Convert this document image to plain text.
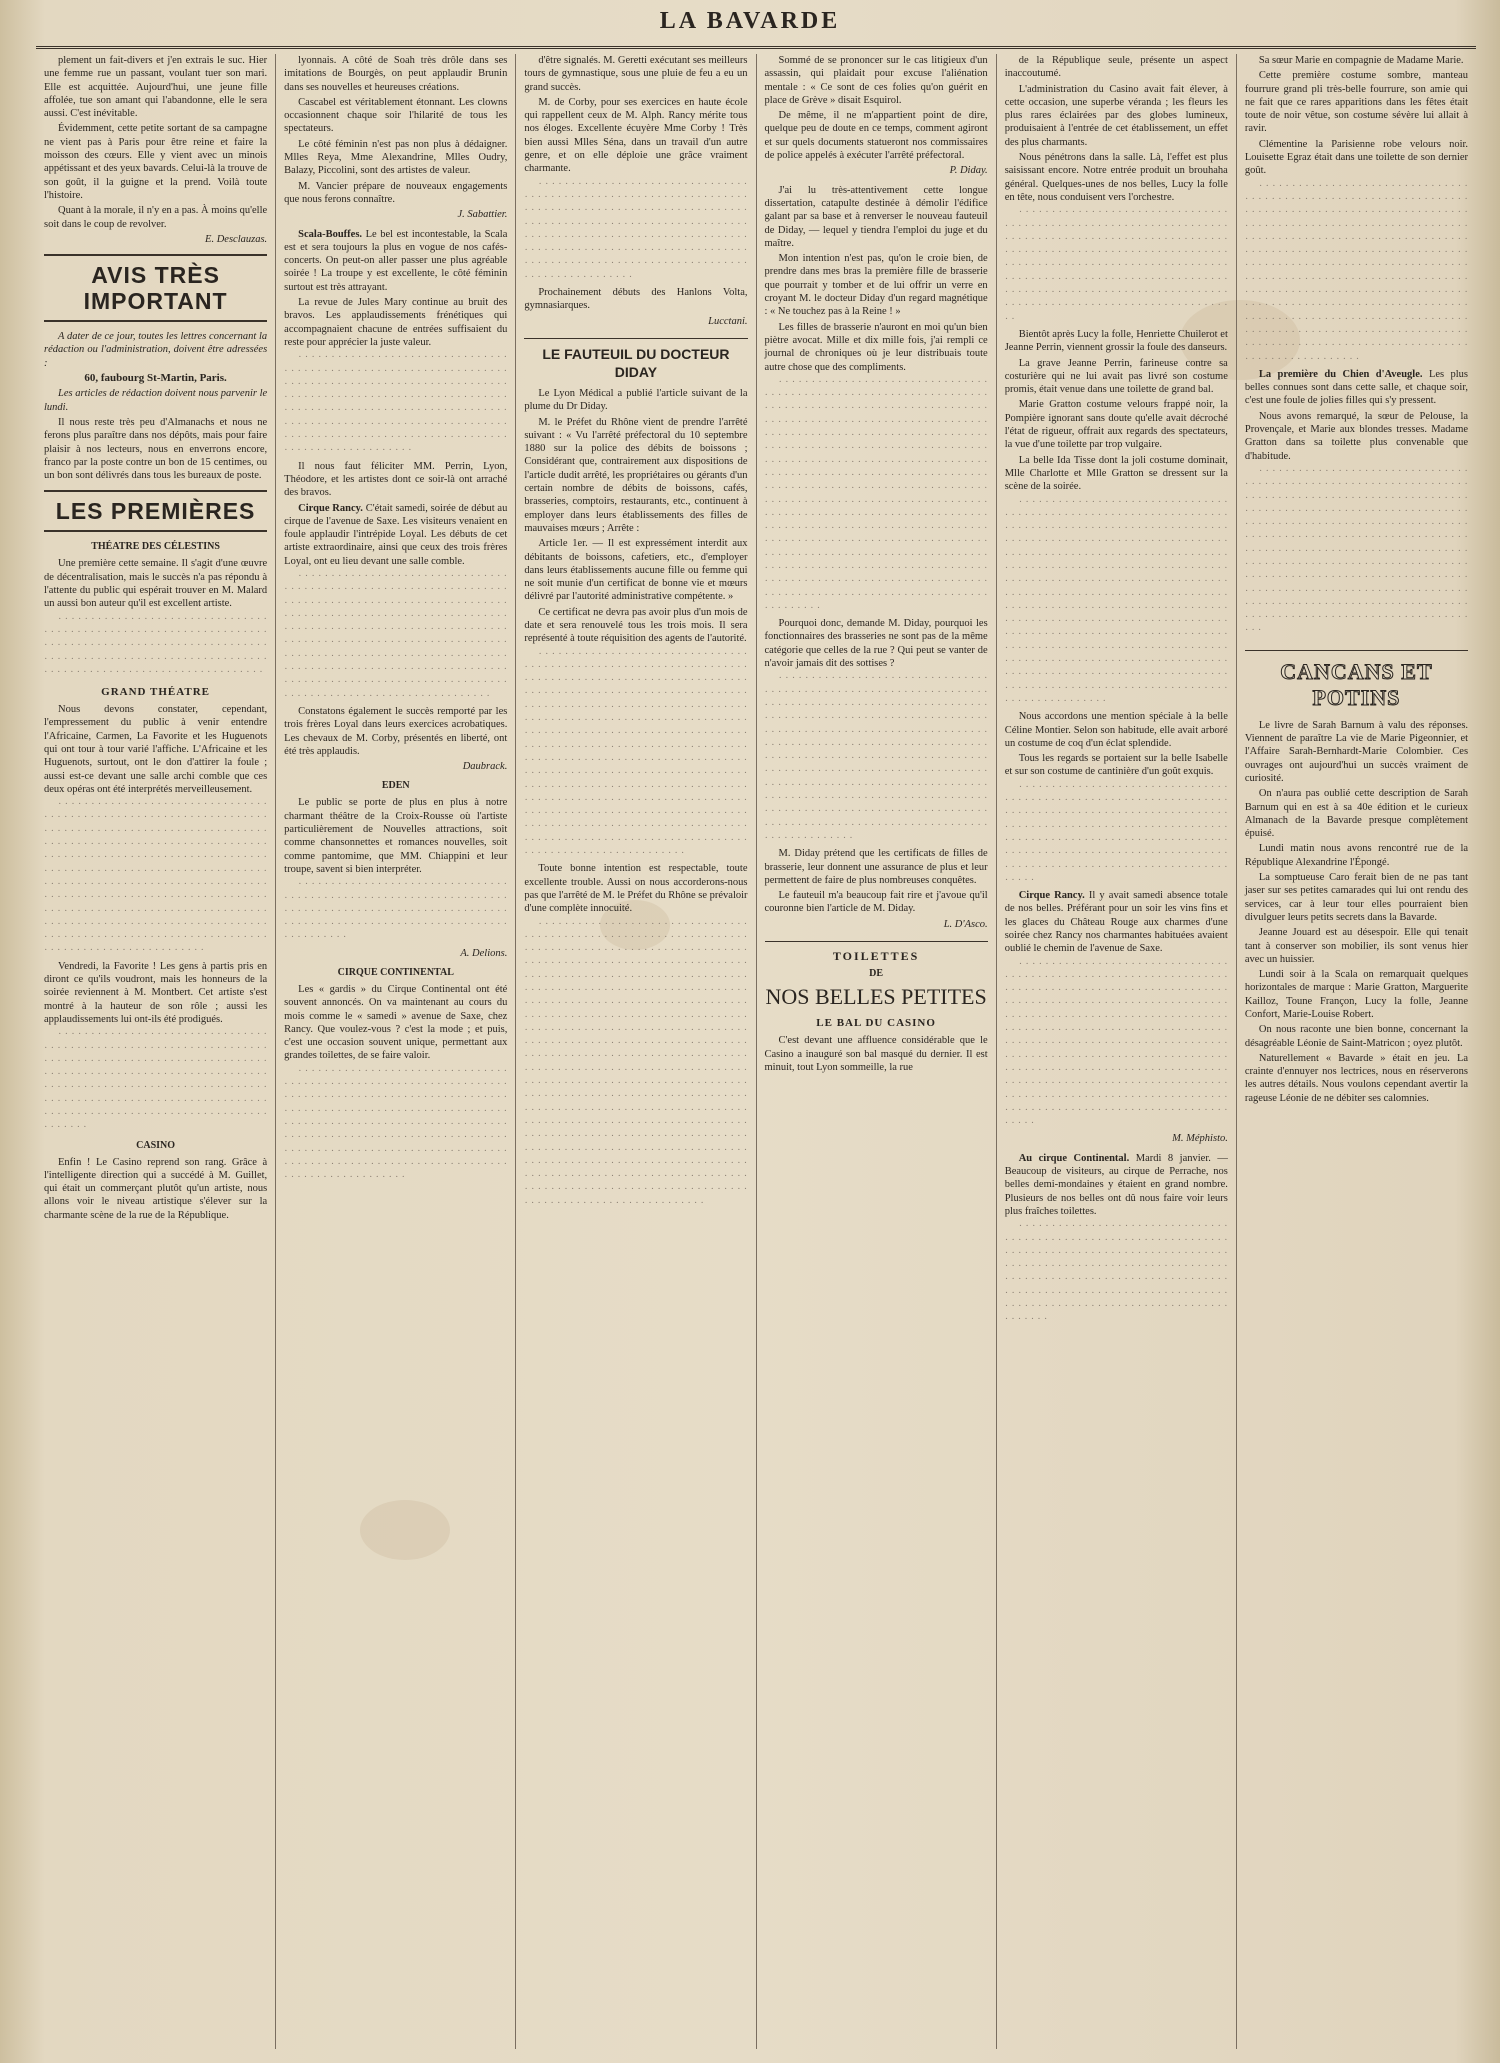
LA BAVARDE

plement un fait-divers et j'en extrais le suc. Hier une femme rue un passant, voulant tuer son mari. Elle est acquittée. Aujourd'hui, une jeune fille affolée, tue son amant qui l'abandonne, elle le sera aussi. C'est inévitable.

Évidemment, cette petite sortant de sa campagne ne vient pas à Paris pour être reine et faire la moisson des cœurs. Elle y vient avec un minois appétissant et des yeux bavards. Celui-là la trouve de son goût, il la guigne et la prend. Voilà toute l'histoire.

Quant à la morale, il n'y en a pas. À moins qu'elle soit dans le coup de revolver.

E. Desclauzas.

AVIS TRÈS IMPORTANT

A dater de ce jour, toutes les lettres concernant la rédaction ou l'administration, doivent être adressées :

60, faubourg St-Martin, Paris.

Les articles de rédaction doivent nous parvenir le lundi.

Il nous reste très peu d'Almanachs et nous ne ferons plus paraître dans nos dépôts, mais pour faire plaisir à nos lecteurs, nous en enverrons encore, franco par la poste contre un bon de 15 centimes, ou un bon sont délivrés dans tous les bureaux de poste.

LES PREMIÈRES
THÉATRE DES CÉLESTINS

Une première cette semaine. Il s'agit d'une œuvre de décentralisation, mais le succès n'a pas répondu à l'attente du public qui espérait trouver en M. Malard un aussi bon auteur qu'il est excellent artiste.

· · · · · · · · · · · · · · · · · · · · · · · · · · · · · · · · · · · · · · · · · · · · · · · · · · · · · · · · · · · · · · · · · · · · · · · · · · · · · · · · · · · · · · · · · · · · · · · · · · · · · · · · · · · · · · · · · · · · · · · · · · · · · · · · · · · · · · · · · · · · · · · · · · · · · · · · · · · · · · · · · · · · · · · ·

GRAND THÉATRE

Nous devons constater, cependant, l'empressement du public à venir entendre l'Africaine, Carmen, La Favorite et les Huguenots qui ont tour à tour varié l'affiche. L'Africaine et les Huguenots, surtout, ont le don d'attirer la foule ; aussi est-ce devant une salle archi comble que ces deux opéras ont été interprétés merveilleusement.

· · · · · · · · · · · · · · · · · · · · · · · · · · · · · · · · · · · · · · · · · · · · · · · · · · · · · · · · · · · · · · · · · · · · · · · · · · · · · · · · · · · · · · · · · · · · · · · · · · · · · · · · · · · · · · · · · · · · · · · · · · · · · · · · · · · · · · · · · · · · · · · · · · · · · · · · · · · · · · · · · · · · · · · · · · · · · · · · · · · · · · · · · · · · · · · · · · · · · · · · · · · · · · · · · · · · · · · · · · · · · · · · · · · · · · · · · · · · · · · · · · · · · · · · · · · · · · · · · · · · · · · · · · · · · · · · · · · · · · · · · · · · · · · · · · · · · · · · · · · · · · · · · · · · · · · · · · · · · · · · · · · · · · · · · · · · · · · · · · · · · · · · · · · · · · · · · · · · · · · · · · · · · · · · · · · · · · · · · · · · · · · · · · · · · · · · · · · · ·

Vendredi, la Favorite ! Les gens à partis pris en diront ce qu'ils voudront, mais les honneurs de la soirée reviennent à M. Montbert. Cet artiste s'est montré à la hauteur de son rôle ; aussi les applaudissements lui ont-ils été prodigués.

· · · · · · · · · · · · · · · · · · · · · · · · · · · · · · · · · · · · · · · · · · · · · · · · · · · · · · · · · · · · · · · · · · · · · · · · · · · · · · · · · · · · · · · · · · · · · · · · · · · · · · · · · · · · · · · · · · · · · · · · · · · · · · · · · · · · · · · · · · · · · · · · · · · · · · · · · · · · · · · · · · · · · · · · · · · · · · · · · · · · · · · · · · · · · · · · · · · · · · · · · · · · · · · · · · · · · · · · · · · · · · · · · · · · · · · · · · · · · · · · · · ·

CASINO

Enfin ! Le Casino reprend son rang. Grâce à l'intelligente direction qui a succédé à M. Guillet, qui était un commerçant plutôt qu'un artiste, nous allons voir le niveau artistique s'élever sur la charmante scène de la rue de la République.

lyonnais. A côté de Soah très drôle dans ses imitations de Bourgès, on peut applaudir Brunin dans ses nouvelles et heureuses créations.

Cascabel est véritablement étonnant. Les clowns occasionnent chaque soir l'hilarité de tous les spectateurs.

Le côté féminin n'est pas non plus à dédaigner. Mlles Reya, Mme Alexandrine, Mlles Oudry, Balazy, Piccolini, sont des artistes de valeur.

M. Vancier prépare de nouveaux engagements que nous ferons connaître.

J. Sabattier.

Scala-Bouffes. Le bel est incontestable, la Scala est et sera toujours la plus en vogue de nos cafés-concerts. On peut-on aller passer une plus agréable soirée ! La troupe y est excellente, le côté féminin surtout est très attrayant.

La revue de Jules Mary continue au bruit des bravos. Les applaudissements frénétiques qui accompagnaient chacune de entrées suffisaient du reste pour apprécier la juste valeur.

· · · · · · · · · · · · · · · · · · · · · · · · · · · · · · · · · · · · · · · · · · · · · · · · · · · · · · · · · · · · · · · · · · · · · · · · · · · · · · · · · · · · · · · · · · · · · · · · · · · · · · · · · · · · · · · · · · · · · · · · · · · · · · · · · · · · · · · · · · · · · · · · · · · · · · · · · · · · · · · · · · · · · · · · · · · · · · · · · · · · · · · · · · · · · · · · · · · · · · · · · · · · · · · · · · · · · · · · · · · · · · · · · · · · · · · · · · · · · · · · · · · · · · · · · · · · · · · ·

Il nous faut féliciter MM. Perrin, Lyon, Théodore, et les artistes dont ce soir-là ont arraché des bravos.

Cirque Rancy. C'était samedi, soirée de début au cirque de l'avenue de Saxe. Les visiteurs venaient en foule applaudir l'intrépide Loyal. Les débuts de cet artiste extraordinaire, ainsi que ceux des trois frères Loyal, ont eu lieu devant une salle comble.

· · · · · · · · · · · · · · · · · · · · · · · · · · · · · · · · · · · · · · · · · · · · · · · · · · · · · · · · · · · · · · · · · · · · · · · · · · · · · · · · · · · · · · · · · · · · · · · · · · · · · · · · · · · · · · · · · · · · · · · · · · · · · · · · · · · · · · · · · · · · · · · · · · · · · · · · · · · · · · · · · · · · · · · · · · · · · · · · · · · · · · · · · · · · · · · · · · · · · · · · · · · · · · · · · · · · · · · · · · · · · · · · · · · · · · · · · · · · · · · · · · · · · · · · · · · · · · · · · · · · · · · · · · · · · · · · · · · · · · · · · · · · · · · · · · · · · · · · · · · · · · · · · · · · · · · · · · · · · · · · · · · · · · · · · · · · · · · ·

Constatons également le succès remporté par les trois frères Loyal dans leurs exercices acrobatiques. Les chevaux de M. Corby, présentés en liberté, ont été très applaudis.

Daubrack.

EDEN

Le public se porte de plus en plus à notre charmant théâtre de la Croix-Rousse où l'artiste particulièrement de Nouvelles attractions, soit comme chansonnettes et romances nouvelles, soit comme pantomime, que MM. Chiappini et leur troupe, savent si bien interpréter.

· · · · · · · · · · · · · · · · · · · · · · · · · · · · · · · · · · · · · · · · · · · · · · · · · · · · · · · · · · · · · · · · · · · · · · · · · · · · · · · · · · · · · · · · · · · · · · · · · · · · · · · · · · · · · · · · · · · · · · · · · · · · · · · · · · · · · · · · · · · · · · · ·

A. Delions.

CIRQUE CONTINENTAL

Les « gardis » du Cirque Continental ont été souvent annoncés. On va maintenant au cours du mois comme le « samedi » avenue de Saxe, chez Rancy. Que voulez-vous ? c'est la mode ; et puis, c'est une occasion souvent unique, permettant aux grandes toilettes, de se faire valoir.

· · · · · · · · · · · · · · · · · · · · · · · · · · · · · · · · · · · · · · · · · · · · · · · · · · · · · · · · · · · · · · · · · · · · · · · · · · · · · · · · · · · · · · · · · · · · · · · · · · · · · · · · · · · · · · · · · · · · · · · · · · · · · · · · · · · · · · · · · · · · · · · · · · · · · · · · · · · · · · · · · · · · · · · · · · · · · · · · · · · · · · · · · · · · · · · · · · · · · · · · · · · · · · · · · · · · · · · · · · · · · · · · · · · · · · · · · · · · · · · · · · · · · · · · · · · · · · · · · · · · · · · · · · · · · · · · · · · · · · · · · · · · · · · · ·

d'être signalés. M. Geretti exécutant ses meilleurs tours de gymnastique, sous une pluie de feu a eu un grand succès.

M. de Corby, pour ses exercices en haute école qui rappellent ceux de M. Alph. Rancy mérite tous nos éloges. Excellente écuyère Mme Corby ! Très bien aussi Mlles Séna, dans un travail d'un autre genre, et on elle déploie une grâce vraiment charmante.

· · · · · · · · · · · · · · · · · · · · · · · · · · · · · · · · · · · · · · · · · · · · · · · · · · · · · · · · · · · · · · · · · · · · · · · · · · · · · · · · · · · · · · · · · · · · · · · · · · · · · · · · · · · · · · · · · · · · · · · · · · · · · · · · · · · · · · · · · · · · · · · · · · · · · · · · · · · · · · · · · · · · · · · · · · · · · · · · · · · · · · · · · · · · · · · · · · · · · · · · · · · · · · · · · · · · · · · · · · · · · · · · · · · · · · · · · · · · · · · · · · · · · · · · · · · · ·

Prochainement débuts des Hanlons Volta, gymnasiarques.

Lucctani.

LE FAUTEUIL DU DOCTEUR DIDAY

Le Lyon Médical a publié l'article suivant de la plume du Dr Diday.

M. le Préfet du Rhône vient de prendre l'arrêté suivant : « Vu l'arrêté préfectoral du 10 septembre 1880 sur la police des débits de boissons ; Considérant que, contrairement aux dispositions de l'article dudit arrêté, les propriétaires ou gérants d'un certain nombre de débits de boissons, cafés, brasseries, comptoirs, restaurants, etc., continuent à employer dans leurs établissements des filles de mauvaises mœurs ; Arrête :

Article 1er. — Il est expressément interdit aux débitants de boissons, cafetiers, etc., d'employer dans leurs établissements aucune fille ou femme qui ne soit munie d'un certificat de bonne vie et mœurs délivré par l'autorité administrative compétente. »

Ce certificat ne devra pas avoir plus d'un mois de date et sera renouvelé tous les trois mois. Il sera représenté à toute réquisition des agents de l'autorité.

· · · · · · · · · · · · · · · · · · · · · · · · · · · · · · · · · · · · · · · · · · · · · · · · · · · · · · · · · · · · · · · · · · · · · · · · · · · · · · · · · · · · · · · · · · · · · · · · · · · · · · · · · · · · · · · · · · · · · · · · · · · · · · · · · · · · · · · · · · · · · · · · · · · · · · · · · · · · · · · · · · · · · · · · · · · · · · · · · · · · · · · · · · · · · · · · · · · · · · · · · · · · · · · · · · · · · · · · · · · · · · · · · · · · · · · · · · · · · · · · · · · · · · · · · · · · · · · · · · · · · · · · · · · · · · · · · · · · · · · · · · · · · · · · · · · · · · · · · · · · · · · · · · · · · · · · · · · · · · · · · · · · · · · · · · · · · · · · · · · · · · · · · · · · · · · · · · · · · · · · · · · · · · · · · · · · · · · · · · · · · · · · · · · · · · · · · · · · · · · · · · · · · · · · · · · · · · · · · · · · · · · · · · · · · · · · · · · · · · · · · · · · · · · · · · · · · · · · · · · · · · · · · · · · · · · · · · · · · · · · · · · · · · · · · · · · · · · · · · · · · · · · · · · · · · · · · · · · · · · · · · · · · · · · · · · · ·

Toute bonne intention est respectable, toute excellente trouble. Aussi on nous accorderons-nous pas que l'arrêté de M. le Préfet du Rhône se prévaloir d'une complète innocuité.

· · · · · · · · · · · · · · · · · · · · · · · · · · · · · · · · · · · · · · · · · · · · · · · · · · · · · · · · · · · · · · · · · · · · · · · · · · · · · · · · · · · · · · · · · · · · · · · · · · · · · · · · · · · · · · · · · · · · · · · · · · · · · · · · · · · · · · · · · · · · · · · · · · · · · · · · · · · · · · · · · · · · · · · · · · · · · · · · · · · · · · · · · · · · · · · · · · · · · · · · · · · · · · · · · · · · · · · · · · · · · · · · · · · · · · · · · · · · · · · · · · · · · · · · · · · · · · · · · · · · · · · · · · · · · · · · · · · · · · · · · · · · · · · · · · · · · · · · · · · · · · · · · · · · · · · · · · · · · · · · · · · · · · · · · · · · · · · · · · · · · · · · · · · · · · · · · · · · · · · · · · · · · · · · · · · · · · · · · · · · · · · · · · · · · · · · · · · · · · · · · · · · · · · · · · · · · · · · · · · · · · · · · · · · · · · · · · · · · · · · · · · · · · · · · · · · · · · · · · · · · · · · · · · · · · · · · · · · · · · · · · · · · · · · · · · · · · · · · · · · · · · · · · · · · · · · · · · · · · · · · · · · · · · · · · · · · · · · · · · · · · · · · · · · · · · · · · · · · · · · · · · · · · · · · · · · · · · · · · · · · · · · · · · · · · · · · · · · · · · · · · · · · · · · · · · · · · · · · · · · · · · · · · · · · · · · · · · · · · · · · · · · · · · · · · · · · · · · · · · · · · · · · · · · · · · · · · · · · · · · · · · · · · · · · · · · · · · · · · · · · · · · · · · · · · · · · · · · · · · · · · · · · · · · · · · · · · · · · · · ·

Sommé de se prononcer sur le cas litigieux d'un assassin, qui plaidait pour excuse l'aliénation mentale : « Ce sont de ces folies qu'on guérit en place de Grève » disait Esquirol.

De même, il ne m'appartient point de dire, quelque peu de doute en ce temps, comment agiront et sur quels documents statueront nos commissaires de police appelés à exécuter l'arrêté préfectoral.

P. Diday.

J'ai lu très-attentivement cette longue dissertation, catapulte destinée à démolir l'édifice galant par sa base et à renverser le nouveau fauteuil de Diday, — lequel y tiendra l'emploi du juge et du maître.

Mon intention n'est pas, qu'on le croie bien, de prendre dans mes bras la première fille de brasserie que pourrait y tomber et de lui offrir un verre en croyant M. le docteur Diday d'un regard magnétique : « Ne touchez pas à la Reine ! »

Les filles de brasserie n'auront en moi qu'un bien piètre avocat. Mille et dix mille fois, j'ai rempli ce journal de chroniques où je leur distribuais toute autre chose que des compliments.

· · · · · · · · · · · · · · · · · · · · · · · · · · · · · · · · · · · · · · · · · · · · · · · · · · · · · · · · · · · · · · · · · · · · · · · · · · · · · · · · · · · · · · · · · · · · · · · · · · · · · · · · · · · · · · · · · · · · · · · · · · · · · · · · · · · · · · · · · · · · · · · · · · · · · · · · · · · · · · · · · · · · · · · · · · · · · · · · · · · · · · · · · · · · · · · · · · · · · · · · · · · · · · · · · · · · · · · · · · · · · · · · · · · · · · · · · · · · · · · · · · · · · · · · · · · · · · · · · · · · · · · · · · · · · · · · · · · · · · · · · · · · · · · · · · · · · · · · · · · · · · · · · · · · · · · · · · · · · · · · · · · · · · · · · · · · · · · · · · · · · · · · · · · · · · · · · · · · · · · · · · · · · · · · · · · · · · · · · · · · · · · · · · · · · · · · · · · · · · · · · · · · · · · · · · · · · · · · · · · · · · · · · · · · · · · · · · · · · · · · · · · · · · · · · · · · · · · · · · · · · · · · · · · · · · · · · · · · · · · · · · · · · · · · · · · · · · · · · · · · · · · · · · · · · · · · · · · · · · · · · · · · · · · · · · · · · · · · · · · · · · · · · · · · · · · · · · · · · · · · · · · · · · · · · · · · · · · · · · · · · · · · ·

Pourquoi donc, demande M. Diday, pourquoi les fonctionnaires des brasseries ne sont pas de la même catégorie que celles de la rue ? Qui peut se vanter de n'avoir jamais dit des sottises ?

· · · · · · · · · · · · · · · · · · · · · · · · · · · · · · · · · · · · · · · · · · · · · · · · · · · · · · · · · · · · · · · · · · · · · · · · · · · · · · · · · · · · · · · · · · · · · · · · · · · · · · · · · · · · · · · · · · · · · · · · · · · · · · · · · · · · · · · · · · · · · · · · · · · · · · · · · · · · · · · · · · · · · · · · · · · · · · · · · · · · · · · · · · · · · · · · · · · · · · · · · · · · · · · · · · · · · · · · · · · · · · · · · · · · · · · · · · · · · · · · · · · · · · · · · · · · · · · · · · · · · · · · · · · · · · · · · · · · · · · · · · · · · · · · · · · · · · · · · · · · · · · · · · · · · · · · · · · · · · · · · · · · · · · · · · · · · · · · · · · · · · · · · · · · · · · · · · · · · · · · · · · · · · · · · · · · · · · · · · · · · · · · · · · · · · · · · · · · · · · · · · · · · · · · · · · · · · · · · · · ·

M. Diday prétend que les certificats de filles de brasserie, leur donnent une assurance de plus et leur permettent de faire de plus nombreuses conquêtes.

Le fauteuil m'a beaucoup fait rire et j'avoue qu'il couronne bien l'article de M. Diday.

L. D'Asco.

TOILETTES
DE
NOS BELLES PETITES
LE BAL DU CASINO

C'est devant une affluence considérable que le Casino a inauguré son bal masqué du dernier. Il est minuit, tout Lyon sommeille, la rue

de la République seule, présente un aspect inaccoutumé.

L'administration du Casino avait fait élever, à cette occasion, une superbe véranda ; les fleurs les plus rares éclairées par des globes lumineux, produisaient à l'entrée de cet établissement, un effet des plus charmants.

Nous pénétrons dans la salle. Là, l'effet est plus saisissant encore. Notre entrée produit un brouhaha général. Quelques-unes de nos belles, Lucy la folle en tête, nous conduisent vers l'orchestre.

· · · · · · · · · · · · · · · · · · · · · · · · · · · · · · · · · · · · · · · · · · · · · · · · · · · · · · · · · · · · · · · · · · · · · · · · · · · · · · · · · · · · · · · · · · · · · · · · · · · · · · · · · · · · · · · · · · · · · · · · · · · · · · · · · · · · · · · · · · · · · · · · · · · · · · · · · · · · · · · · · · · · · · · · · · · · · · · · · · · · · · · · · · · · · · · · · · · · · · · · · · · · · · · · · · · · · · · · · · · · · · · · · · · · · · · · · · · · · · · · · · · · · · · · · · · · · · · · · · · · · · · · · · · · · · · ·

Bientôt après Lucy la folle, Henriette Chuilerot et Jeanne Perrin, viennent grossir la foule des danseurs.

La grave Jeanne Perrin, farineuse contre sa costurière qui ne lui avait pas livré son costume promis, était venue dans une toilette de grand bal.

Marie Gratton costume velours frappé noir, la Pompière ignorant sans doute qu'elle avait décroché l'état de rigueur, offrait aux regards des spectateurs, la vue d'une toilette par trop vulgaire.

La belle Ida Tisse dont la joli costume dominait, Mlle Charlotte et Mlle Gratton se dressent sur la scène de la soirée.

· · · · · · · · · · · · · · · · · · · · · · · · · · · · · · · · · · · · · · · · · · · · · · · · · · · · · · · · · · · · · · · · · · · · · · · · · · · · · · · · · · · · · · · · · · · · · · · · · · · · · · · · · · · · · · · · · · · · · · · · · · · · · · · · · · · · · · · · · · · · · · · · · · · · · · · · · · · · · · · · · · · · · · · · · · · · · · · · · · · · · · · · · · · · · · · · · · · · · · · · · · · · · · · · · · · · · · · · · · · · · · · · · · · · · · · · · · · · · · · · · · · · · · · · · · · · · · · · · · · · · · · · · · · · · · · · · · · · · · · · · · · · · · · · · · · · · · · · · · · · · · · · · · · · · · · · · · · · · · · · · · · · · · · · · · · · · · · · · · · · · · · · · · · · · · · · · · · · · · · · · · · · · · · · · · · · · · · · · · · · · · · · · · · · · · · · · · · · · · · · · · · · · · · · · · · · · · · · · · · · · · · · · · · · · · · · · · · · · · · · · · · · · · · · · · · · · · · · · · · · · · · · · · · · · · · · · · · · · · · · · · · · · · · · · · · · · · · · · · · · · · · · · · · · · · · · · · · · · · · · · · · ·

Nous accordons une mention spéciale à la belle Céline Montier. Selon son habitude, elle avait arboré un costume de coq d'un éclat splendide.

Tous les regards se portaient sur la belle Isabelle et sur son costume de cantinière d'un goût exquis.

· · · · · · · · · · · · · · · · · · · · · · · · · · · · · · · · · · · · · · · · · · · · · · · · · · · · · · · · · · · · · · · · · · · · · · · · · · · · · · · · · · · · · · · · · · · · · · · · · · · · · · · · · · · · · · · · · · · · · · · · · · · · · · · · · · · · · · · · · · · · · · · · · · · · · · · · · · · · · · · · · · · · · · · · · · · · · · · · · · · · · · · · · · · · · · · · · · · · · · · · · · · · · · · · · · · · · · · · · · · · · · · · · · · · · · · · · · · · · · · · ·

Cirque Rancy. Il y avait samedi absence totale de nos belles. Préférant pour un soir les vins fins et les glaces du Château Rouge aux charmes d'une soirée chez Rancy nos charmantes habituées avaient oublié le chemin de l'avenue de Saxe.

· · · · · · · · · · · · · · · · · · · · · · · · · · · · · · · · · · · · · · · · · · · · · · · · · · · · · · · · · · · · · · · · · · · · · · · · · · · · · · · · · · · · · · · · · · · · · · · · · · · · · · · · · · · · · · · · · · · · · · · · · · · · · · · · · · · · · · · · · · · · · · · · · · · · · · · · · · · · · · · · · · · · · · · · · · · · · · · · · · · · · · · · · · · · · · · · · · · · · · · · · · · · · · · · · · · · · · · · · · · · · · · · · · · · · · · · · · · · · · · · · · · · · · · · · · · · · · · · · · · · · · · · · · · · · · · · · · · · · · · · · · · · · · · · · · · · · · · · · · · · · · · · · · · · · · · · · · · · · · · · · · · · · · · · · · · · · · · · · · · · · · · · · · · · · · · · · · · · · · · · · · · · · · · · · · · · · · · · · · · · · · · · · · · · · · · · · · · · · · · · · · · · · · · · · · ·

M. Méphisto.

Au cirque Continental. Mardi 8 janvier. — Beaucoup de visiteurs, au cirque de Perrache, nos belles demi-mondaines y étaient en grand nombre. Plusieurs de nos belles ont dû nous faire voir leurs plus fraîches toilettes.

· · · · · · · · · · · · · · · · · · · · · · · · · · · · · · · · · · · · · · · · · · · · · · · · · · · · · · · · · · · · · · · · · · · · · · · · · · · · · · · · · · · · · · · · · · · · · · · · · · · · · · · · · · · · · · · · · · · · · · · · · · · · · · · · · · · · · · · · · · · · · · · · · · · · · · · · · · · · · · · · · · · · · · · · · · · · · · · · · · · · · · · · · · · · · · · · · · · · · · · · · · · · · · · · · · · · · · · · · · · · · · · · · · · · · · · · · · · · · · · · · · ·

Sa sœur Marie en compagnie de Madame Marie.

Cette première costume sombre, manteau fourrure grand pli très-belle fourrure, son amie qui ne fait que ce rares apparitions dans les fêtes était toute de noir vêtue, son costume sévère lui allait à ravir.

Clémentine la Parisienne robe velours noir. Louisette Egraz était dans une toilette de son dernier goût.

· · · · · · · · · · · · · · · · · · · · · · · · · · · · · · · · · · · · · · · · · · · · · · · · · · · · · · · · · · · · · · · · · · · · · · · · · · · · · · · · · · · · · · · · · · · · · · · · · · · · · · · · · · · · · · · · · · · · · · · · · · · · · · · · · · · · · · · · · · · · · · · · · · · · · · · · · · · · · · · · · · · · · · · · · · · · · · · · · · · · · · · · · · · · · · · · · · · · · · · · · · · · · · · · · · · · · · · · · · · · · · · · · · · · · · · · · · · · · · · · · · · · · · · · · · · · · · · · · · · · · · · · · · · · · · · · · · · · · · · · · · · · · · · · · · · · · · · · · · · · · · · · · · · · · · · · · · · · · · · · · · · · · · · · · · · · · · · · · · · · · · · · · · · · · · · · · · · · · · · · · · · · · · · · · · · · · · · · · · · · · · · · · · · · · · · · · · · · · · · · · · · · · · · · · · · · · · · · · · · · · · · · · · · · · · · · · · · · · · · · · · · · · · · · · · · · · · · · · ·

La première du Chien d'Aveugle. Les plus belles connues sont dans cette salle, et chaque soir, c'est une foule de jolies filles qui s'y pressent.

Nous avons remarqué, la sœur de Pelouse, la Provençale, et Marie aux blondes tresses. Madame Gratton dans sa toilette plus convenable que d'habitude.

· · · · · · · · · · · · · · · · · · · · · · · · · · · · · · · · · · · · · · · · · · · · · · · · · · · · · · · · · · · · · · · · · · · · · · · · · · · · · · · · · · · · · · · · · · · · · · · · · · · · · · · · · · · · · · · · · · · · · · · · · · · · · · · · · · · · · · · · · · · · · · · · · · · · · · · · · · · · · · · · · · · · · · · · · · · · · · · · · · · · · · · · · · · · · · · · · · · · · · · · · · · · · · · · · · · · · · · · · · · · · · · · · · · · · · · · · · · · · · · · · · · · · · · · · · · · · · · · · · · · · · · · · · · · · · · · · · · · · · · · · · · · · · · · · · · · · · · · · · · · · · · · · · · · · · · · · · · · · · · · · · · · · · · · · · · · · · · · · · · · · · · · · · · · · · · · · · · · · · · · · · · · · · · · · · · · · · · · · · · · · · · · · · · · · · · · · · · · · · · · · · · · · · · · ·

CANCANS ET POTINS

Le livre de Sarah Barnum à valu des réponses. Viennent de paraître La vie de Marie Pigeonnier, et l'Affaire Sarah-Bernhardt-Marie Colombier. Ces ouvrages ont aujourd'hui un succès vraiment de curiosité.

On n'aura pas oublié cette description de Sarah Barnum qui en est à sa 40e édition et le curieux Almanach de la Bavarde presque complètement épuisé.

Lundi matin nous avons rencontré rue de la République Alexandrine l'Épongé.

La somptueuse Caro ferait bien de ne pas tant jaser sur ses petites camarades qui lui ont rendu des services, car à leur tour elles pourraient bien divulguer leurs petits secrets dans la Bavarde.

Jeanne Jouard est au désespoir. Elle qui tenait tant à conserver son mobilier, ils sont venus hier avec un huissier.

Lundi soir à la Scala on remarquait quelques horizontales de marque : Marie Gratton, Marguerite Kailloz, Toune Françon, Lucy la folle, Jeanne Confort, Marie-Louise Robert.

On nous raconte une bien bonne, concernant la désagréable Léonie de Saint-Matricon ; oyez plutôt.

Naturellement « Bavarde » était en jeu. La crainte d'ennuyer nos lectrices, nous en réserverons les autres détails. Nous voulons cependant avertir la rageuse Léonie de ne débiter ses calomnies.
